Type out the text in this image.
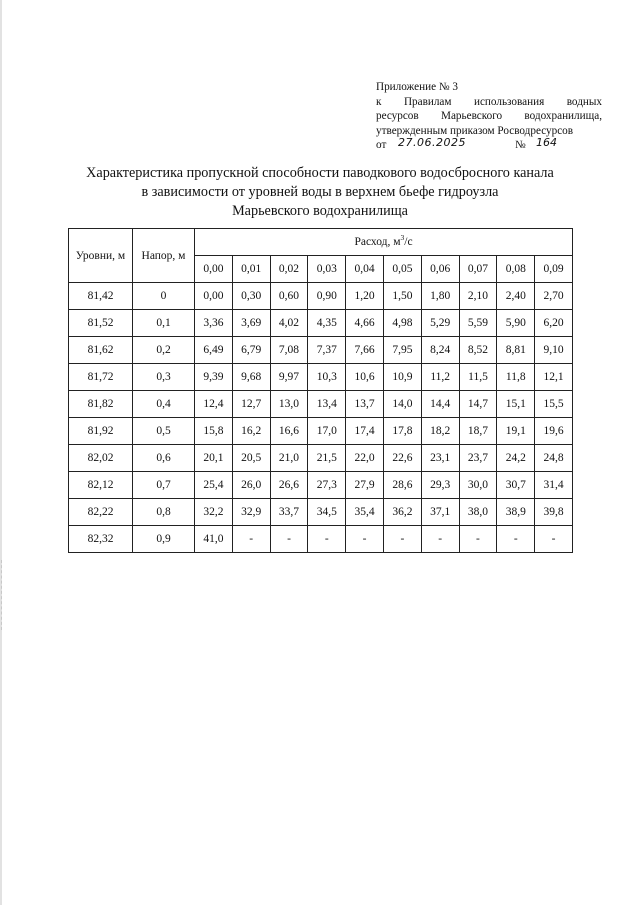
Приложение № 3
к Правилам использования водных
ресурсов Марьевского водохранилища,
утвержденным приказом Росводресурсов
от 27.06.2025	№ 164
Характеристика пропускной способности паводкового водосбросного канала
в зависимости от уровней воды в верхнем бьефе гидроузла
Марьевского водохранилища
Уровни, м	Напор, м	Расход, $м^3/с$									
		0,00	0,01	0,02	0,03	0,04	0,05	0,06	0,07	0,08	0,09
81,42	0	0,00	0,30	0,60	0,90	1,20	1,50	1,80	2,10	2,40	2,70
81,52	0,1	3,36	3,69	4,02	4,35	4,66	4,98	5,29	5,59	5,90	6,20
81,62	0,2	6,49	6,79	7,08	7,37	7,66	7,95	8,24	8,52	8,81	9,10
81,72	0,3	9,39	9,68	9,97	10,3	10,6	10,9	11,2	11,5	11,8	12,1
81,82	0,4	12,4	12,7	13,0	13,4	13,7	14,0	14,4	14,7	15,1	15,5
81,92	0,5	15,8	16,2	16,6	17,0	17,4	17,8	18,2	18,7	19,1	19,6
82,02	0,6	20,1	20,5	21,0	21,5	22,0	22,6	23,1	23,7	24,2	24,8
82,12	0,7	25,4	26,0	26,6	27,3	27,9	28,6	29,3	30,0	30,7	31,4
82,22	0,8	32,2	32,9	33,7	34,5	35,4	36,2	37,1	38,0	38,9	39,8
82,32	0,9	41,0	-	-	-	-	-	-	-	-	-
